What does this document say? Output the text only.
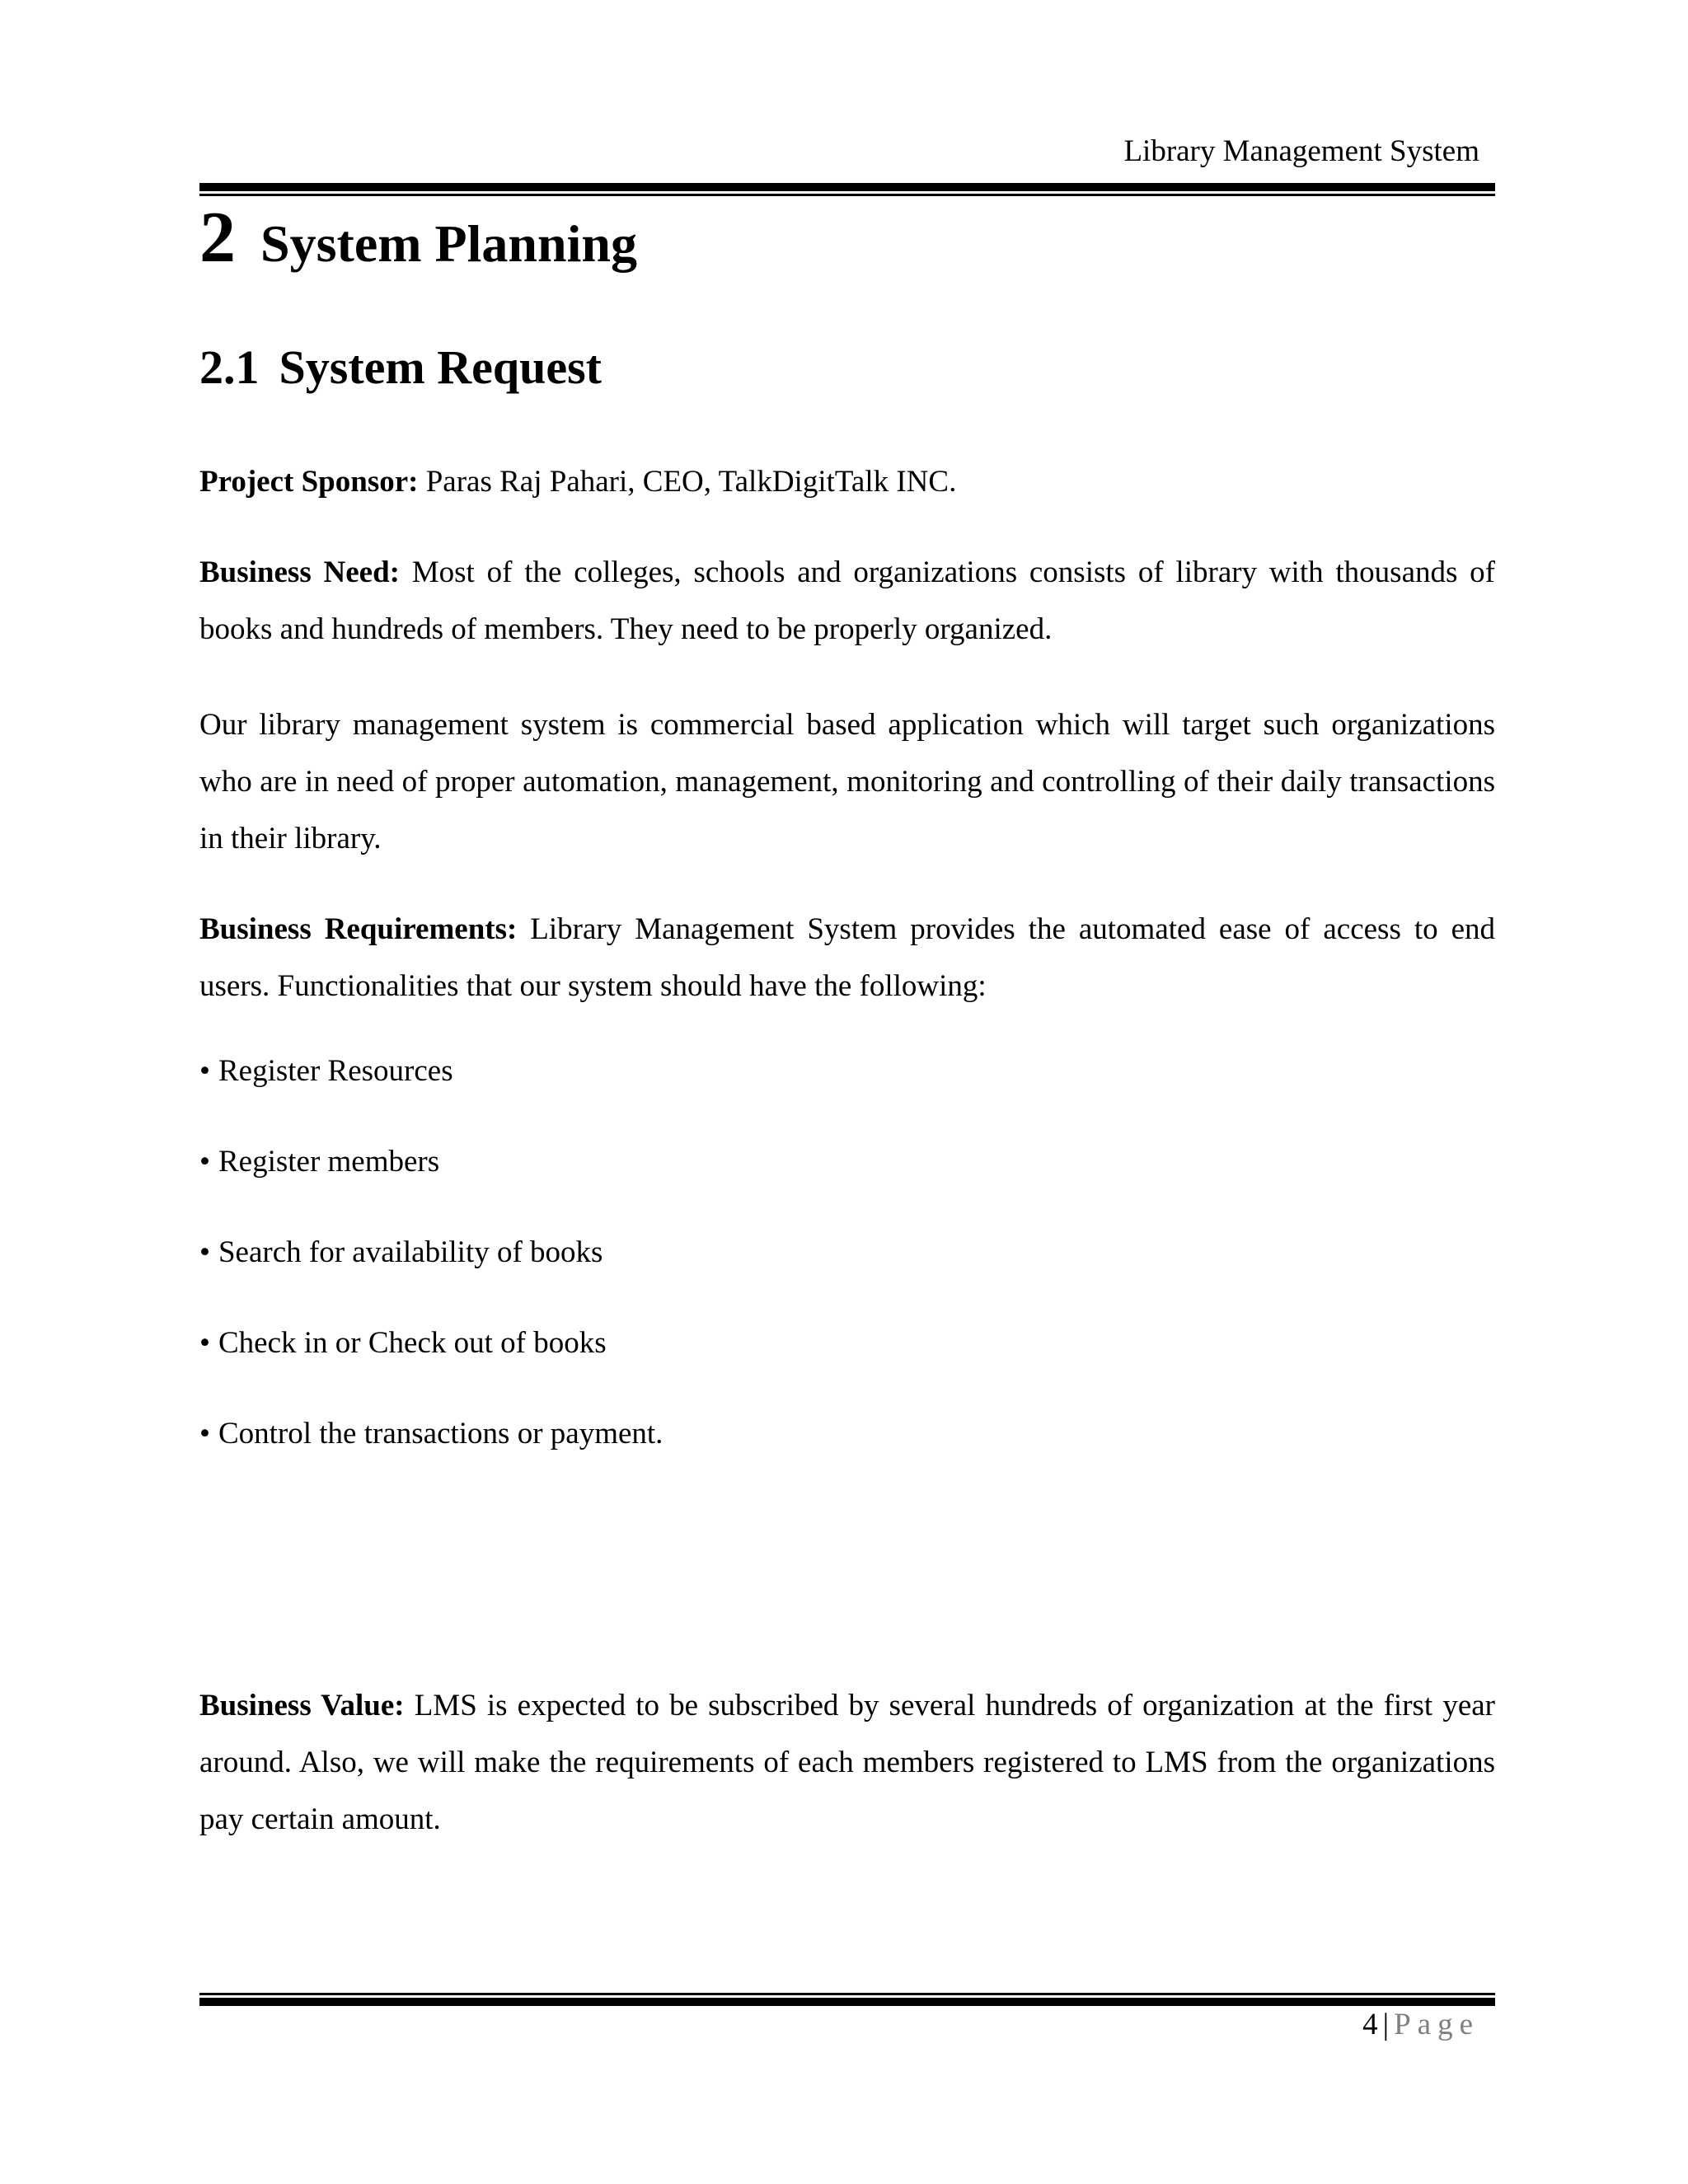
Library Management System
2 System Planning
2.1 System Request

Project Sponsor: Paras Raj Pahari, CEO, TalkDigitTalk INC.

Business Need: Most of the colleges, schools and organizations consists of library with thousands of books and hundreds of members. They need to be properly organized.

Our library management system is commercial based application which will target such organizations who are in need of proper automation, management, monitoring and controlling of their daily transactions in their library.

Business Requirements: Library Management System provides the automated ease of access to end users. Functionalities that our system should have the following:

• Register Resources
• Register members
• Search for availability of books
• Check in or Check out of books
• Control the transactions or payment.

Business Value: LMS is expected to be subscribed by several hundreds of organization at the first year around. Also, we will make the requirements of each members registered to LMS from the organizations pay certain amount.

4 | Page
